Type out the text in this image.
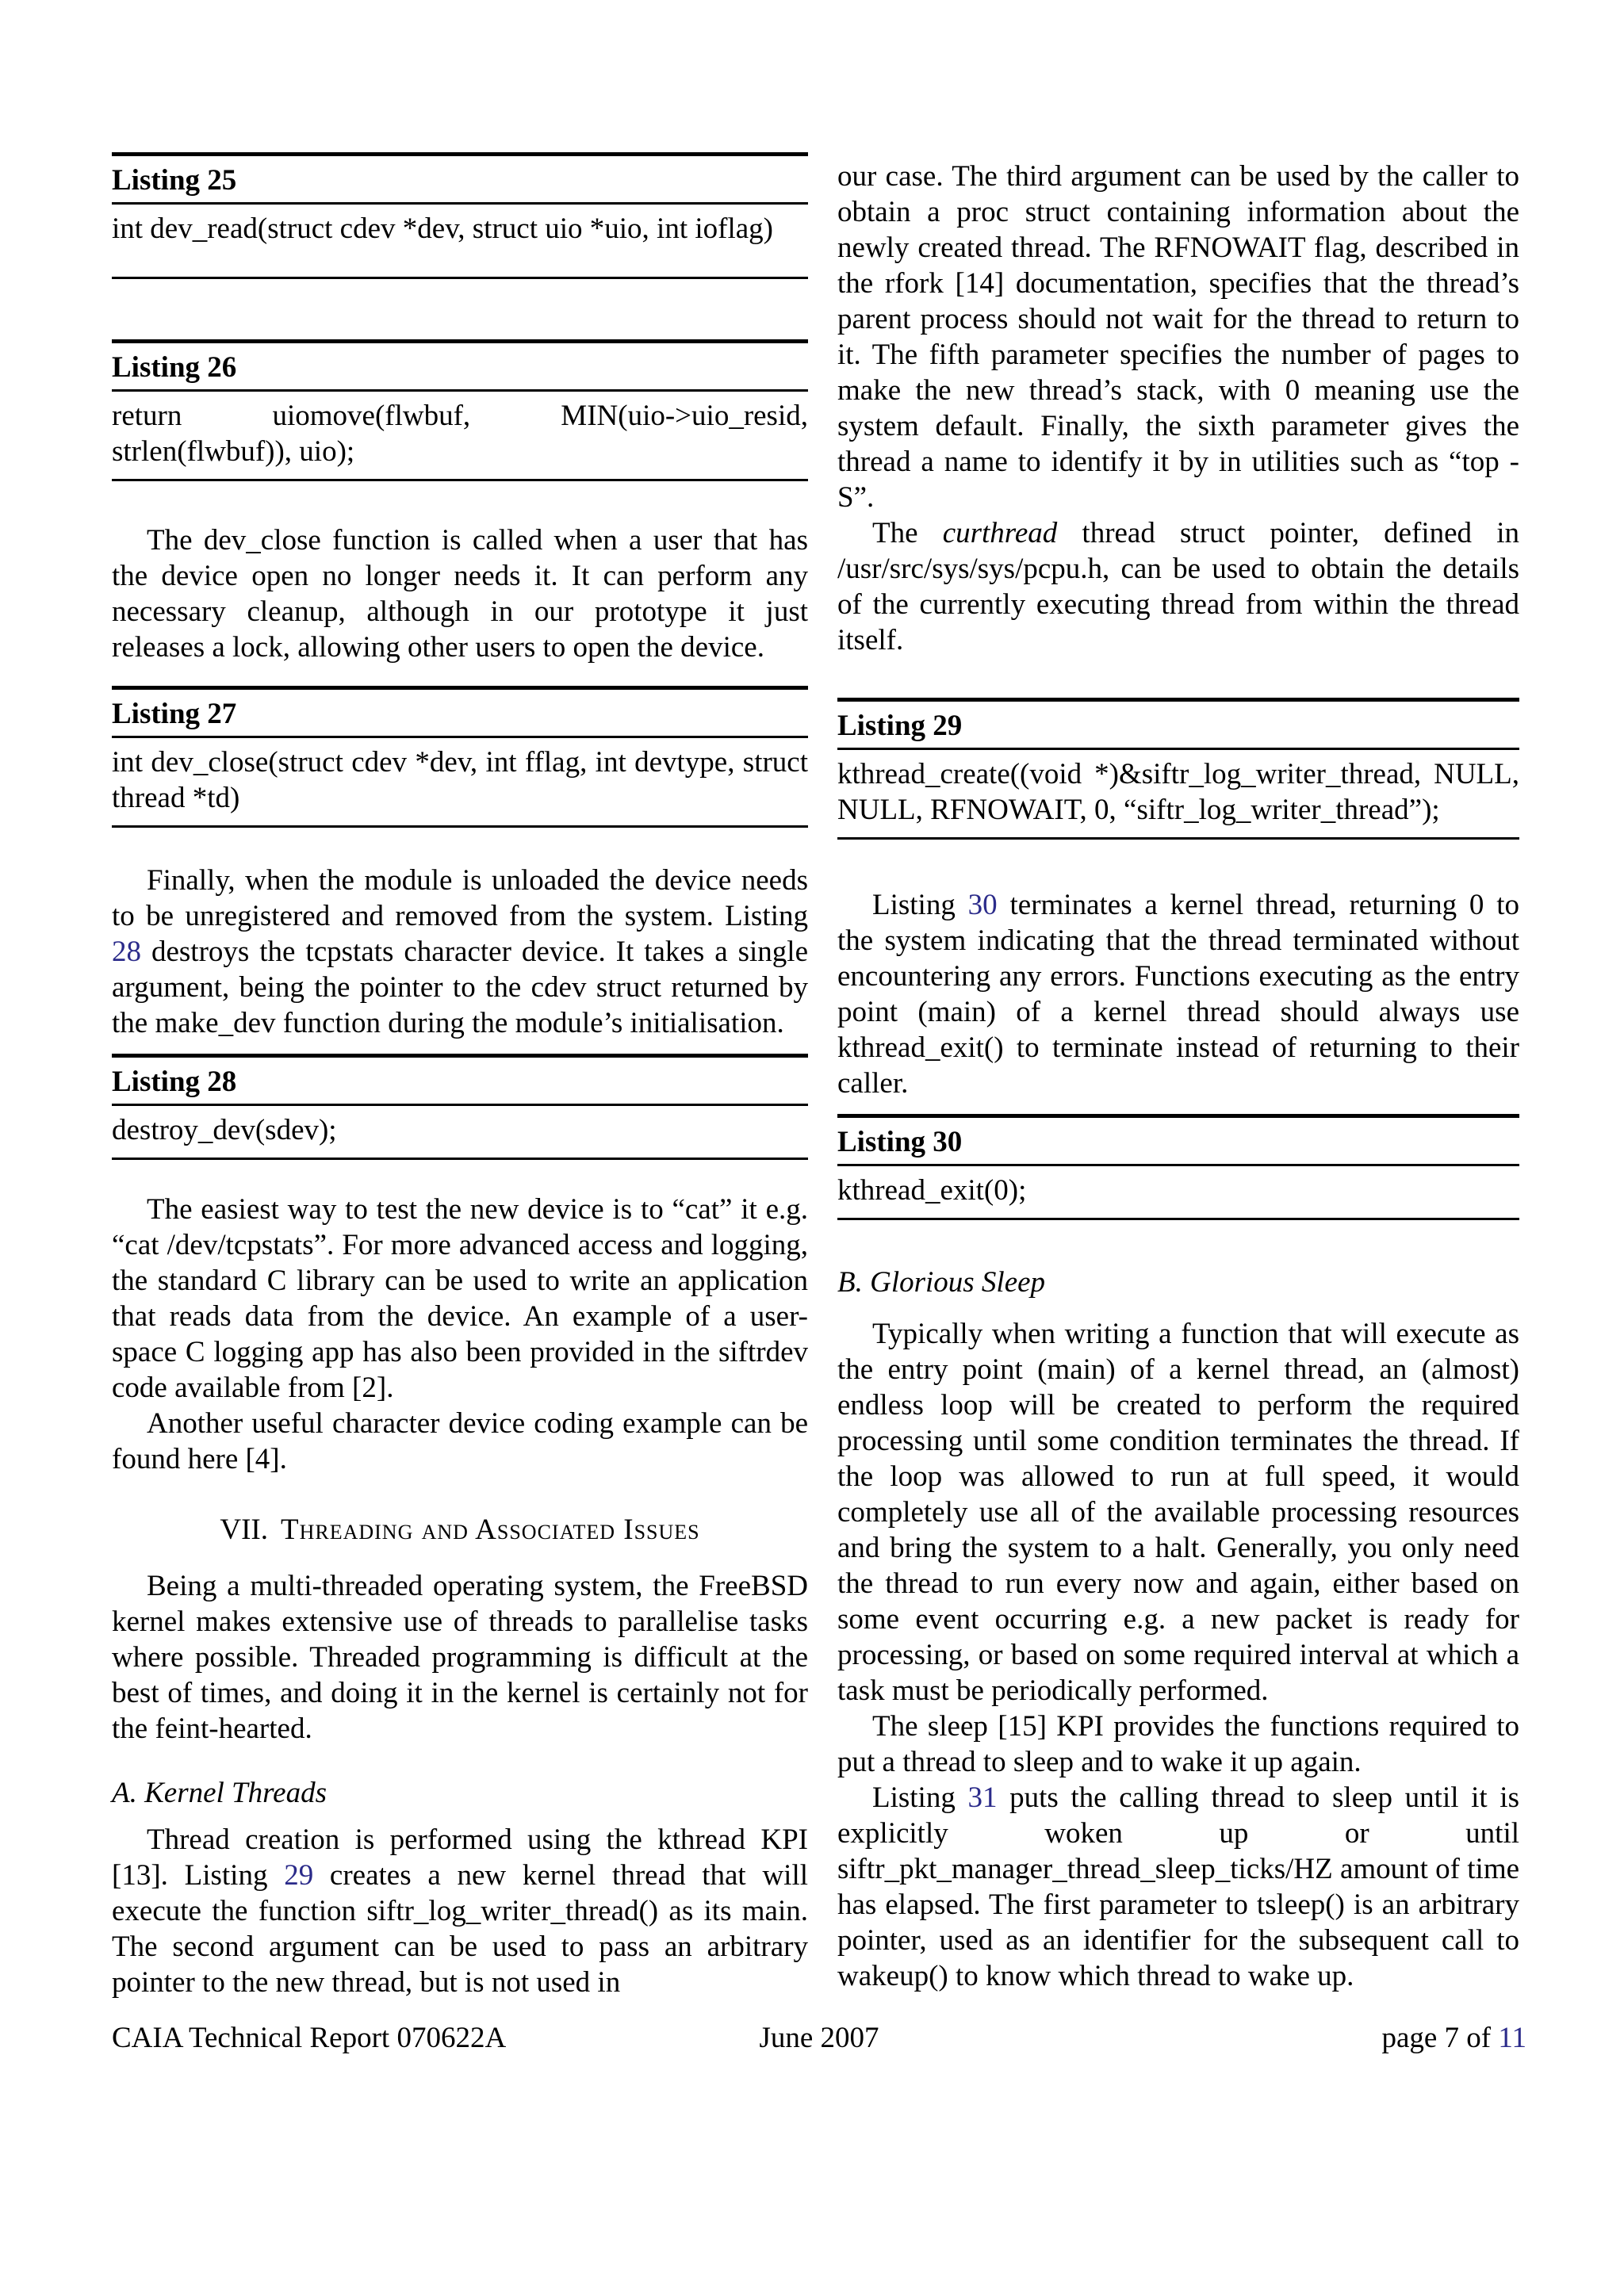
Listing 25
int dev_read(struct cdev *dev, struct uio *uio, int ioflag)
Listing 26
return uiomove(flwbuf, MIN(uio->uio_resid, strlen(flwbuf)), uio);

The dev_close function is called when a user that has the device open no longer needs it. It can perform any necessary cleanup, although in our prototype it just releases a lock, allowing other users to open the device.

Listing 27
int dev_close(struct cdev *dev, int fflag, int devtype, struct thread *td)

Finally, when the module is unloaded the device needs to be unregistered and removed from the system. Listing 28 destroys the tcpstats character device. It takes a single argument, being the pointer to the cdev struct returned by the make_dev function during the module’s initialisation.

Listing 28
destroy_dev(sdev);

The easiest way to test the new device is to “cat” it e.g. “cat /dev/tcpstats”. For more advanced access and logging, the standard C library can be used to write an application that reads data from the device. An example of a user-space C logging app has also been provided in the siftrdev code available from [2].

Another useful character device coding example can be found here [4].

VII. Threading and Associated Issues

Being a multi-threaded operating system, the FreeBSD kernel makes extensive use of threads to parallelise tasks where possible. Threaded programming is difficult at the best of times, and doing it in the kernel is certainly not for the feint-hearted.

A. Kernel Threads

Thread creation is performed using the kthread KPI [13]. Listing 29 creates a new kernel thread that will execute the function siftr_log_writer_thread() as its main. The second argument can be used to pass an arbitrary pointer to the new thread, but is not used in

our case. The third argument can be used by the caller to obtain a proc struct containing information about the newly created thread. The RFNOWAIT flag, described in the rfork [14] documentation, specifies that the thread’s parent process should not wait for the thread to return to it. The fifth parameter specifies the number of pages to make the new thread’s stack, with 0 meaning use the system default. Finally, the sixth parameter gives the thread a name to identify it by in utilities such as “top -S”.

The curthread thread struct pointer, defined in /usr/src/sys/sys/pcpu.h, can be used to obtain the details of the currently executing thread from within the thread itself.

Listing 29
kthread_create((void *)&siftr_log_writer_thread, NULL, NULL, RFNOWAIT, 0, “siftr_log_writer_thread”);

Listing 30 terminates a kernel thread, returning 0 to the system indicating that the thread terminated without encountering any errors. Functions executing as the entry point (main) of a kernel thread should always use kthread_exit() to terminate instead of returning to their caller.

Listing 30
kthread_exit(0);
B. Glorious Sleep

Typically when writing a function that will execute as the entry point (main) of a kernel thread, an (almost) endless loop will be created to perform the required processing until some condition terminates the thread. If the loop was allowed to run at full speed, it would completely use all of the available processing resources and bring the system to a halt. Generally, you only need the thread to run every now and again, either based on some event occurring e.g. a new packet is ready for processing, or based on some required interval at which a task must be periodically performed.

The sleep [15] KPI provides the functions required to put a thread to sleep and to wake it up again.

Listing 31 puts the calling thread to sleep until it is explicitly woken up or until siftr_pkt_manager_thread_sleep_ticks/HZ amount of time has elapsed. The first parameter to tsleep() is an arbitrary pointer, used as an identifier for the subsequent call to wakeup() to know which thread to wake up.

CAIA Technical Report 070622A	June 2007	page 7 of 11
